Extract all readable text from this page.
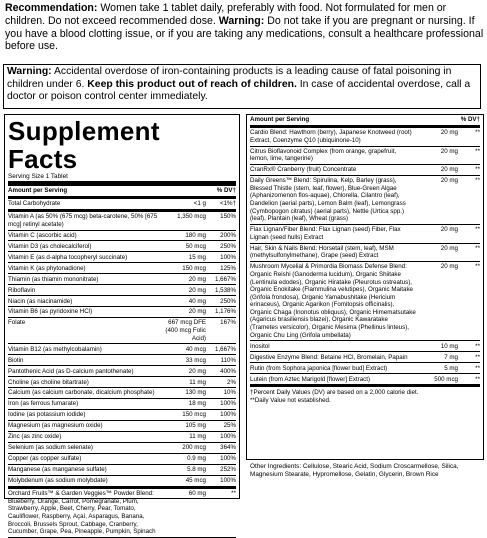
Recommendation: Women take 1 tablet daily, preferably with food. Not formulated for men or children. Do not exceed recommended dose. Warning: Do not take if you are pregnant or nursing. If you have a blood clotting issue, or if you are taking any medications, consult a healthcare professional before use.
Warning: Accidental overdose of iron-containing products is a leading cause of fatal poisoning in children under 6. Keep this product out of reach of children. In case of accidental overdose, call a doctor or poison control center immediately.
Supplement Facts
Serving Size 1 Tablet
Amount per Serving	% DV†
Total Carbohydrate	<1 g	<1%†
Vitamin A (as 50% (675 mcg) beta-carotene, 50% [675 mcg] retinyl acetate)
1,350 mcg	150%
Vitamin C (ascorbic acid)	180 mg	200%
Vitamin D3 (as cholecalciferol)	50 mcg	250%
Vitamin E (as d-alpha tocopheryl succinate)	15 mg	100%
Vitamin K (as phytonadione)	150 mcg	125%
Thiamin (as thiamin mononitrate)	20 mg	1,667%
Riboflavin	20 mg	1,538%
Niacin (as niacinamide)	40 mg	250%
Vitamin B6 (as pyridoxine HCl)	20 mg	1,176%
Folate	667 mcg DFE (400 mcg Folic Acid)
167%
Vitamin B12 (as methylcobalamin)	40 mcg	1,667%
Biotin	33 mcg	110%
Pantothenic Acid (as D-calcium pantothenate)	20 mg	400%
Choline (as choline bitartrate)	11 mg	2%
Calcium (as calcium carbonate, dicalcium phosphate)	130 mg	10%
Iron (as ferrous fumarate)	18 mg	100%
Iodine (as potassium iodide)	150 mcg	100%
Magnesium (as magnesium oxide)	105 mg	25%
Zinc (as zinc oxide)	11 mg	100%
Selenium (as sodium selenate)	200 mcg	364%
Copper (as copper sulfate)	0.9 mg	100%
Manganese (as manganese sulfate)	5.8 mg	252%
Molybdenum (as sodium molybdate)	45 mcg	100%
Orchard Fruits™ & Garden Veggies™ Powder Blend: Blueberry, Orange, Carrot, Pomegranate, Plum, Strawberry, Apple, Beet, Cherry, Pear, Tomato, Cauliflower, Raspberry, Açaí, Asparagus, Banana, Broccoli, Brussels Sprout, Cabbage, Cranberry, Cucumber, Grape, Pea, Pineapple, Pumpkin, Spinach
60 mg	**
Amount per Serving	% DV†
Cardio Blend: Hawthorn (berry), Japanese Knotweed (root) Extract, Coenzyme Q10 (ubiquinone-10)
20 mg	**
Citrus Bioflavonoid Complex (from orange, grapefruit, lemon, lime, tangerine)
20 mg	**
CranRx® Cranberry (fruit) Concentrate	20 mg	**
Daily Greens™ Blend: Spirulina, Kelp, Barley (grass), Blessed Thistle (stem, leaf, flower), Blue-Green Algae (Aphanizomenon flos-aquae), Chlorella, Cilantro (leaf), Dandelion (aerial parts), Lemon Balm (leaf), Lemongrass (Cymbopogon citratus) (aerial parts), Nettle (Urtica spp.) (leaf), Plantain (leaf), Wheat (grass)
20 mg	**
Flax Lignan/Fiber Blend: Flax Lignan (seed) Fiber, Flax Lignan (seed hulls) Extract
20 mg	**
Hair, Skin & Nails Blend: Horsetail (stem, leaf), MSM (methylsulfonylmethane), Grape (seed) Extract
20 mg	**
Mushroom Mycelial & Primordia Biomass Defense Blend: Organic Reishi (Ganoderma lucidum), Organic Shiitake (Lentinula edodes), Organic Hiratake (Pleurotus ostreatus), Organic Enokitake (Flammulina velutipes), Organic Maitake (Grifola frondosa), Organic Yamabushitake (Hericium erinaceus), Organic Agarikon (Fomitopsis officinalis), Organic Chaga (Inonotus obliquus), Organic Himematsutake (Agaricus brasiliensis blazei), Organic Kawaratake (Trametes versicolor), Organic Mesima (Phellinus linteus), Organic Chu Ling (Grifola umbellata)
20 mg	**
Inositol	10 mg	**
Digestive Enzyme Blend: Betaine HCl, Bromelain, Papain	7 mg	**
Rutin (from Sophora japonica [flower bud] Extract)	5 mg	**
Lutein (from Aztec Marigold [flower] Extract)	500 mcg	**
†Percent Daily Values (DV) are based on a 2,000 calorie diet.
**Daily Value not established.
Other Ingredients: Cellulose, Stearic Acid, Sodium Croscarmellose, Silica, Magnesium Stearate, Hypromellose, Gelatin, Glycerin, Brown Rice
